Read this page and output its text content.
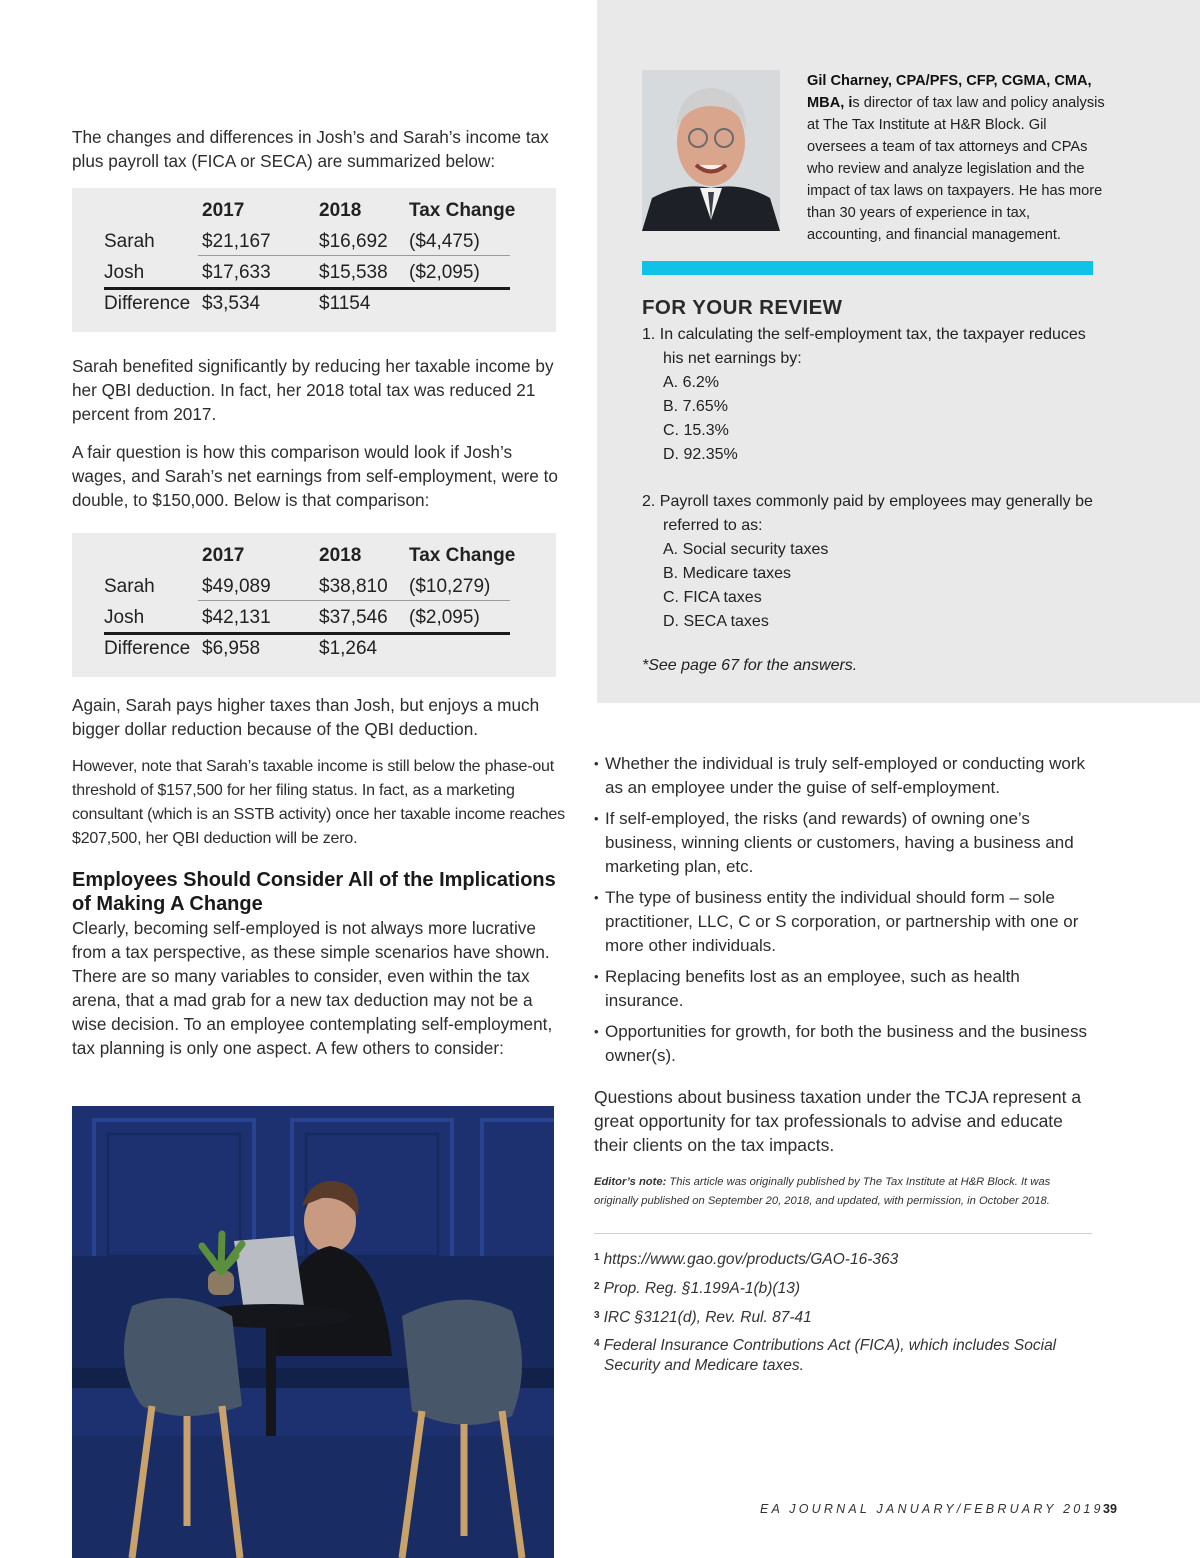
The changes and differences in Josh’s and Sarah’s income tax plus payroll tax (FICA or SECA) are summarized below:

2017	2018	Tax Change
Sarah $21,167	$16,692 ($4,475)
Josh	$17,633	$15,538 ($2,095)
Difference $3,534	$1154

Sarah benefited significantly by reducing her taxable income by her QBI deduction. In fact, her 2018 total tax was reduced 21 percent from 2017.

A fair question is how this comparison would look if Josh’s wages, and Sarah’s net earnings from self-employment, were to double, to $150,000. Below is that comparison:

2017	2018	Tax Change
Sarah $49,089	$38,810 ($10,279)
Josh	$42,131	$37,546 ($2,095)
Difference $6,958	$1,264

Again, Sarah pays higher taxes than Josh, but enjoys a much bigger dollar reduction because of the QBI deduction.

However, note that Sarah’s taxable income is still below the phase-out threshold of $157,500 for her filing status. In fact, as a marketing consultant (which is an SSTB activity) once her taxable income reaches $207,500, her QBI deduction will be zero.

Employees Should Consider All of the Implications of Making A Change

Clearly, becoming self-employed is not always more lucrative from a tax perspective, as these simple scenarios have shown. There are so many variables to consider, even within the tax arena, that a mad grab for a new tax deduction may not be a wise decision. To an employee contemplating self-employment, tax planning is only one aspect. A few others to consider:

Gil Charney, CPA/PFS, CFP, CGMA, CMA, MBA, is director of tax law and policy analysis at The Tax Institute at H&R Block. Gil oversees a team of tax attorneys and CPAs who review and analyze legislation and the impact of tax laws on taxpayers. He has more than 30 years of experience in tax, accounting, and financial management.

FOR YOUR REVIEW
1. In calculating the self-employment tax, the taxpayer reduces his net earnings by:
A. 6.2%
B. 7.65%
C. 15.3%
D. 92.35%
2. Payroll taxes commonly paid by employees may generally be referred to as:
A. Social security taxes
B. Medicare taxes
C. FICA taxes
D. SECA taxes

*See page 67 for the answers.

• Whether the individual is truly self-employed or conducting work as an employee under the guise of self-employment.
• If self-employed, the risks (and rewards) of owning one’s business, winning clients or customers, having a business and marketing plan, etc.
• The type of business entity the individual should form – sole practitioner, LLC, C or S corporation, or partnership with one or more other individuals.
• Replacing benefits lost as an employee, such as health insurance.
• Opportunities for growth, for both the business and the business owner(s).

Questions about business taxation under the TCJA represent a great opportunity for tax professionals to advise and educate their clients on the tax impacts.

Editor’s note: This article was originally published by The Tax Institute at H&R Block. It was originally published on September 20, 2018, and updated, with permission, in October 2018.

$^1$ https://www.gao.gov/products/GAO-16-363

$^2$ Prop. Reg. §1.199A-1(b)(13)

$^3$ IRC §3121(d), Rev. Rul. 87-41

$^4$ Federal Insurance Contributions Act (FICA), which includes Social Security and Medicare taxes.

EA JOURNAL JANUARY/FEBRUARY 2019 39
